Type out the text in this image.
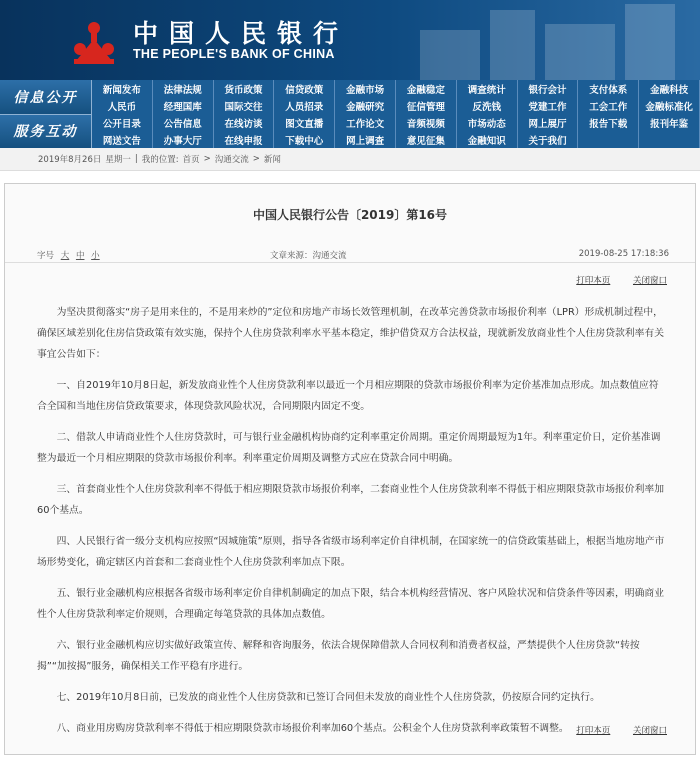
中国人民银行
THE PEOPLE'S BANK OF CHINA
信息公开
服务互动
新闻发布	法律法规	货币政策	信贷政策	金融市场	金融稳定	调查统计	银行会计	支付体系	金融科技
人民币	经理国库	国际交往	人员招录	金融研究	征信管理	反洗钱	党建工作	工会工作	金融标准化
公开目录	公告信息	在线访谈	图文直播	工作论文	音频视频	市场动态	网上展厅	报告下载	报刊年鉴
网送文告	办事大厅	在线申报	下载中心	网上调查	意见征集	金融知识	关于我们
2019年8月26日 星期一 | 我的位置: 首页 > 沟通交流 > 新闻
中国人民银行公告〔2019〕第16号
字号 大 中 小	文章来源：沟通交流	2019-08-25 17:18:36
打印本页	关闭窗口

为坚决贯彻落实“房子是用来住的，不是用来炒的”定位和房地产市场长效管理机制，在改革完善贷款市场报价利率（LPR）形成机制过程中，确保区域差别化住房信贷政策有效实施，保持个人住房贷款利率水平基本稳定，维护借贷双方合法权益，现就新发放商业性个人住房贷款利率有关事宜公告如下：

一、自2019年10月8日起，新发放商业性个人住房贷款利率以最近一个月相应期限的贷款市场报价利率为定价基准加点形成。加点数值应符合全国和当地住房信贷政策要求，体现贷款风险状况，合同期限内固定不变。

二、借款人申请商业性个人住房贷款时，可与银行业金融机构协商约定利率重定价周期。重定价周期最短为1年。利率重定价日，定价基准调整为最近一个月相应期限的贷款市场报价利率。利率重定价周期及调整方式应在贷款合同中明确。

三、首套商业性个人住房贷款利率不得低于相应期限贷款市场报价利率，二套商业性个人住房贷款利率不得低于相应期限贷款市场报价利率加60个基点。

四、人民银行省一级分支机构应按照“因城施策”原则，指导各省级市场利率定价自律机制，在国家统一的信贷政策基础上，根据当地房地产市场形势变化，确定辖区内首套和二套商业性个人住房贷款利率加点下限。

五、银行业金融机构应根据各省级市场利率定价自律机制确定的加点下限，结合本机构经营情况、客户风险状况和信贷条件等因素，明确商业性个人住房贷款利率定价规则，合理确定每笔贷款的具体加点数值。

六、银行业金融机构应切实做好政策宣传、解释和咨询服务，依法合规保障借款人合同权利和消费者权益，严禁提供个人住房贷款“转按揭”“加按揭”服务，确保相关工作平稳有序进行。

七、2019年10月8日前，已发放的商业性个人住房贷款和已签订合同但未发放的商业性个人住房贷款，仍按原合同约定执行。

八、商业用房购房贷款利率不得低于相应期限贷款市场报价利率加60个基点。公积金个人住房贷款利率政策暂不调整。 打印本页	关闭窗口
